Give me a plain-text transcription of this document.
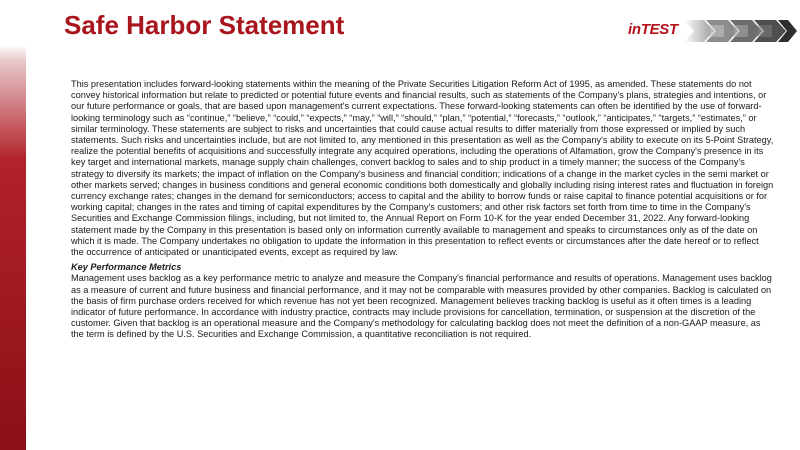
Safe Harbor Statement	inTEST

This presentation includes forward-looking statements within the meaning of the Private Securities Litigation Reform Act of 1995, as amended. These statements do not convey historical information but relate to predicted or potential future events and financial results, such as statements of the Company's plans, strategies and intentions, or our future performance or goals, that are based upon management's current expectations. These forward-looking statements can often be identified by the use of forward-looking terminology such as “continue,” “believe,” “could,” “expects,” “may,” “will,” “should,” “plan,” “potential,” “forecasts,” “outlook,” “anticipates,” “targets,” “estimates,” or similar terminology. These statements are subject to risks and uncertainties that could cause actual results to differ materially from those expressed or implied by such statements. Such risks and uncertainties include, but are not limited to, any mentioned in this presentation as well as the Company's ability to execute on its 5-Point Strategy, realize the potential benefits of acquisitions and successfully integrate any acquired operations, including the operations of Alfamation, grow the Company's presence in its key target and international markets, manage supply chain challenges, convert backlog to sales and to ship product in a timely manner; the success of the Company's strategy to diversify its markets; the impact of inflation on the Company's business and financial condition; indications of a change in the market cycles in the semi market or other markets served; changes in business conditions and general economic conditions both domestically and globally including rising interest rates and fluctuation in foreign currency exchange rates; changes in the demand for semiconductors; access to capital and the ability to borrow funds or raise capital to finance potential acquisitions or for working capital; changes in the rates and timing of capital expenditures by the Company's customers; and other risk factors set forth from time to time in the Company's Securities and Exchange Commission filings, including, but not limited to, the Annual Report on Form 10-K for the year ended December 31, 2022. Any forward-looking statement made by the Company in this presentation is based only on information currently available to management and speaks to circumstances only as of the date on which it is made. The Company undertakes no obligation to update the information in this presentation to reflect events or circumstances after the date hereof or to reflect the occurrence of anticipated or unanticipated events, except as required by law.

Key Performance Metrics

Management uses backlog as a key performance metric to analyze and measure the Company's financial performance and results of operations. Management uses backlog as a measure of current and future business and financial performance, and it may not be comparable with measures provided by other companies. Backlog is calculated on the basis of firm purchase orders received for which revenue has not yet been recognized. Management believes tracking backlog is useful as it often times is a leading indicator of future performance. In accordance with industry practice, contracts may include provisions for cancellation, termination, or suspension at the discretion of the customer. Given that backlog is an operational measure and the Company's methodology for calculating backlog does not meet the definition of a non-GAAP measure, as the term is defined by the U.S. Securities and Exchange Commission, a quantitative reconciliation is not required.
